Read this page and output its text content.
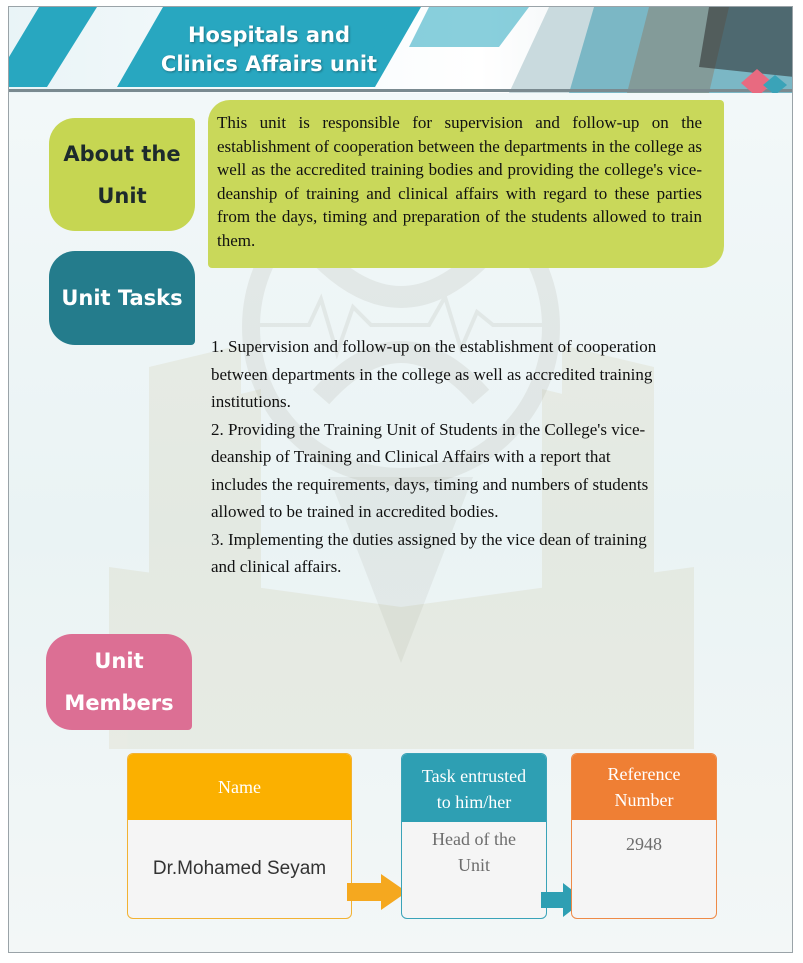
Hospitals and
Clinics Affairs unit
About the
Unit
This unit is responsible for supervision and follow-up on the establishment of cooperation between the departments in the college as well as the accredited training bodies and providing the college's vice-deanship of training and clinical affairs with regard to these parties from the days, timing and preparation of the students allowed to train them.
Unit Tasks
1. Supervision and follow-up on the establishment of cooperation
between departments in the college as well as accredited training
institutions.
2. Providing the Training Unit of Students in the College's vice-
deanship of Training and Clinical Affairs with a report that
includes the requirements, days, timing and numbers of students
allowed to be trained in accredited bodies.
3. Implementing the duties assigned by the vice dean of training
and clinical affairs.
Unit
Members
Name
Dr.Mohamed Seyam
Task entrusted
to him/her
Head of the
Unit
Reference
Number
2948
